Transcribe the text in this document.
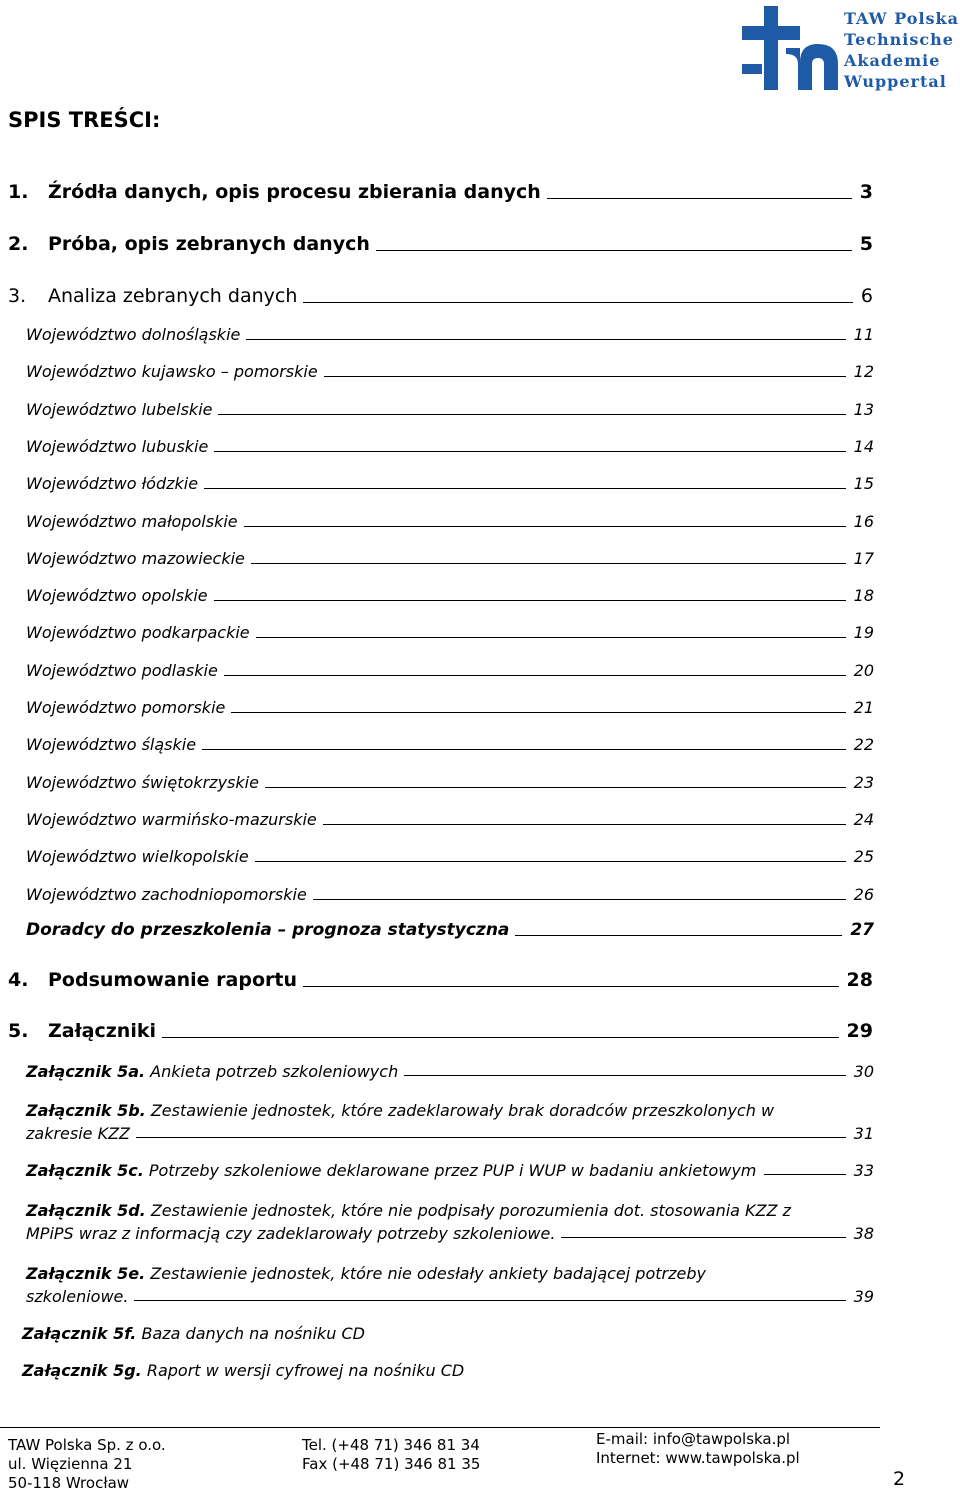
TAW Polska
Technische
Akademie
Wuppertal
SPIS TREŚCI:
1. Źródła danych, opis procesu zbierania danych	3
2. Próba, opis zebranych danych	5
3. Analiza zebranych danych	6
Województwo dolnośląskie	11
Województwo kujawsko – pomorskie	12
Województwo lubelskie	13
Województwo lubuskie	14
Województwo łódzkie	15
Województwo małopolskie	16
Województwo mazowieckie	17
Województwo opolskie	18
Województwo podkarpackie	19
Województwo podlaskie	20
Województwo pomorskie	21
Województwo śląskie	22
Województwo świętokrzyskie	23
Województwo warmińsko-mazurskie	24
Województwo wielkopolskie	25
Województwo zachodniopomorskie	26
Doradcy do przeszkolenia – prognoza statystyczna	27
4. Podsumowanie raportu	28
5. Załączniki	29
Załącznik 5a. Ankieta potrzeb szkoleniowych	30
Załącznik 5b. Zestawienie jednostek, które zadeklarowały brak doradców przeszkolonych w
zakresie KZZ	31
Załącznik 5c. Potrzeby szkoleniowe deklarowane przez PUP i WUP w badaniu ankietowym	33
Załącznik 5d. Zestawienie jednostek, które nie podpisały porozumienia dot. stosowania KZZ z
MPiPS wraz z informacją czy zadeklarowały potrzeby szkoleniowe.	38
Załącznik 5e. Zestawienie jednostek, które nie odesłały ankiety badającej potrzeby
szkoleniowe.	39
Załącznik 5f. Baza danych na nośniku CD
Załącznik 5g. Raport w wersji cyfrowej na nośniku CD
TAW Polska Sp. z o.o.
ul. Więzienna 21
50-118 Wrocław
Tel. (+48 71) 346 81 34
Fax (+48 71) 346 81 35
E-mail: info@tawpolska.pl
Internet: www.tawpolska.pl
2
